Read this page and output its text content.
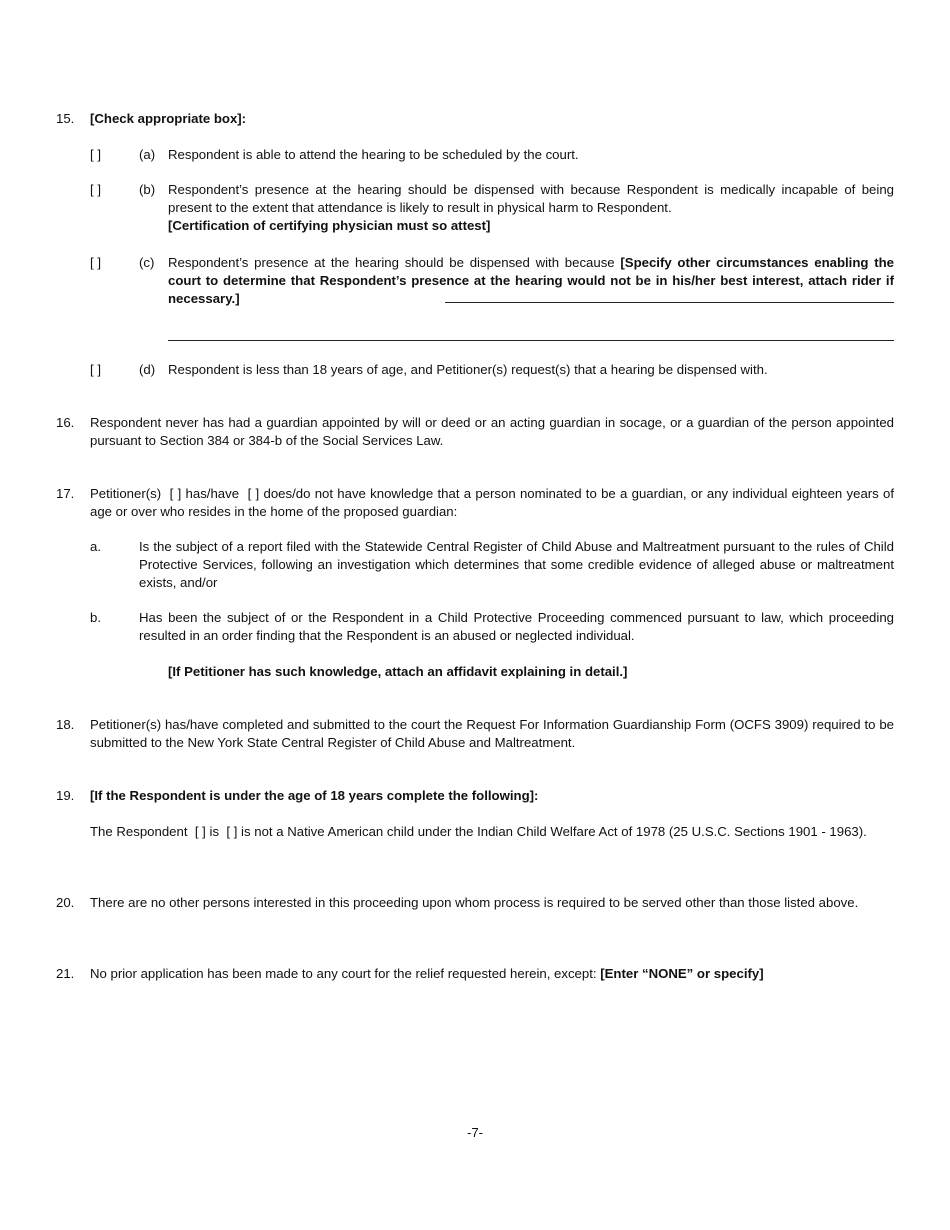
15. [Check appropriate box]:
[ ]	(a) Respondent is able to attend the hearing to be scheduled by the court.
[ ]	(b) Respondent’s presence at the hearing should be dispensed with because Respondent is medically incapable of being present to the extent that attendance is likely to result in physical harm to Respondent.
[Certification of certifying physician must so attest]
[ ]	(c) Respondent’s presence at the hearing should be dispensed with because [Specify other circumstances enabling the court to determine that Respondent’s presence at the hearing would not be in his/her best interest, attach rider if necessary.]
[ ]	(d) Respondent is less than 18 years of age, and Petitioner(s) request(s) that a hearing be dispensed with.
16. Respondent never has had a guardian appointed by will or deed or an acting guardian in socage, or a guardian of the person appointed pursuant to Section 384 or 384-b of the Social Services Law.
17. Petitioner(s) [ ] has/have [ ] does/do not have knowledge that a person nominated to be a guardian, or any individual eighteen years of age or over who resides in the home of the proposed guardian:
a.	Is the subject of a report filed with the Statewide Central Register of Child Abuse and Maltreatment pursuant to the rules of Child Protective Services, following an investigation which determines that some credible evidence of alleged abuse or maltreatment exists, and/or
b.	Has been the subject of or the Respondent in a Child Protective Proceeding commenced pursuant to law, which proceeding resulted in an order finding that the Respondent is an abused or neglected individual.
[If Petitioner has such knowledge, attach an affidavit explaining in detail.]
18. Petitioner(s) has/have completed and submitted to the court the Request For Information Guardianship Form (OCFS 3909) required to be submitted to the New York State Central Register of Child Abuse and Maltreatment.
19. [If the Respondent is under the age of 18 years complete the following]:
The Respondent [ ] is [ ] is not a Native American child under the Indian Child Welfare Act of 1978 (25 U.S.C. Sections 1901 - 1963).
20. There are no other persons interested in this proceeding upon whom process is required to be served other than those listed above.
21. No prior application has been made to any court for the relief requested herein, except: [Enter “NONE” or specify]
-7-
